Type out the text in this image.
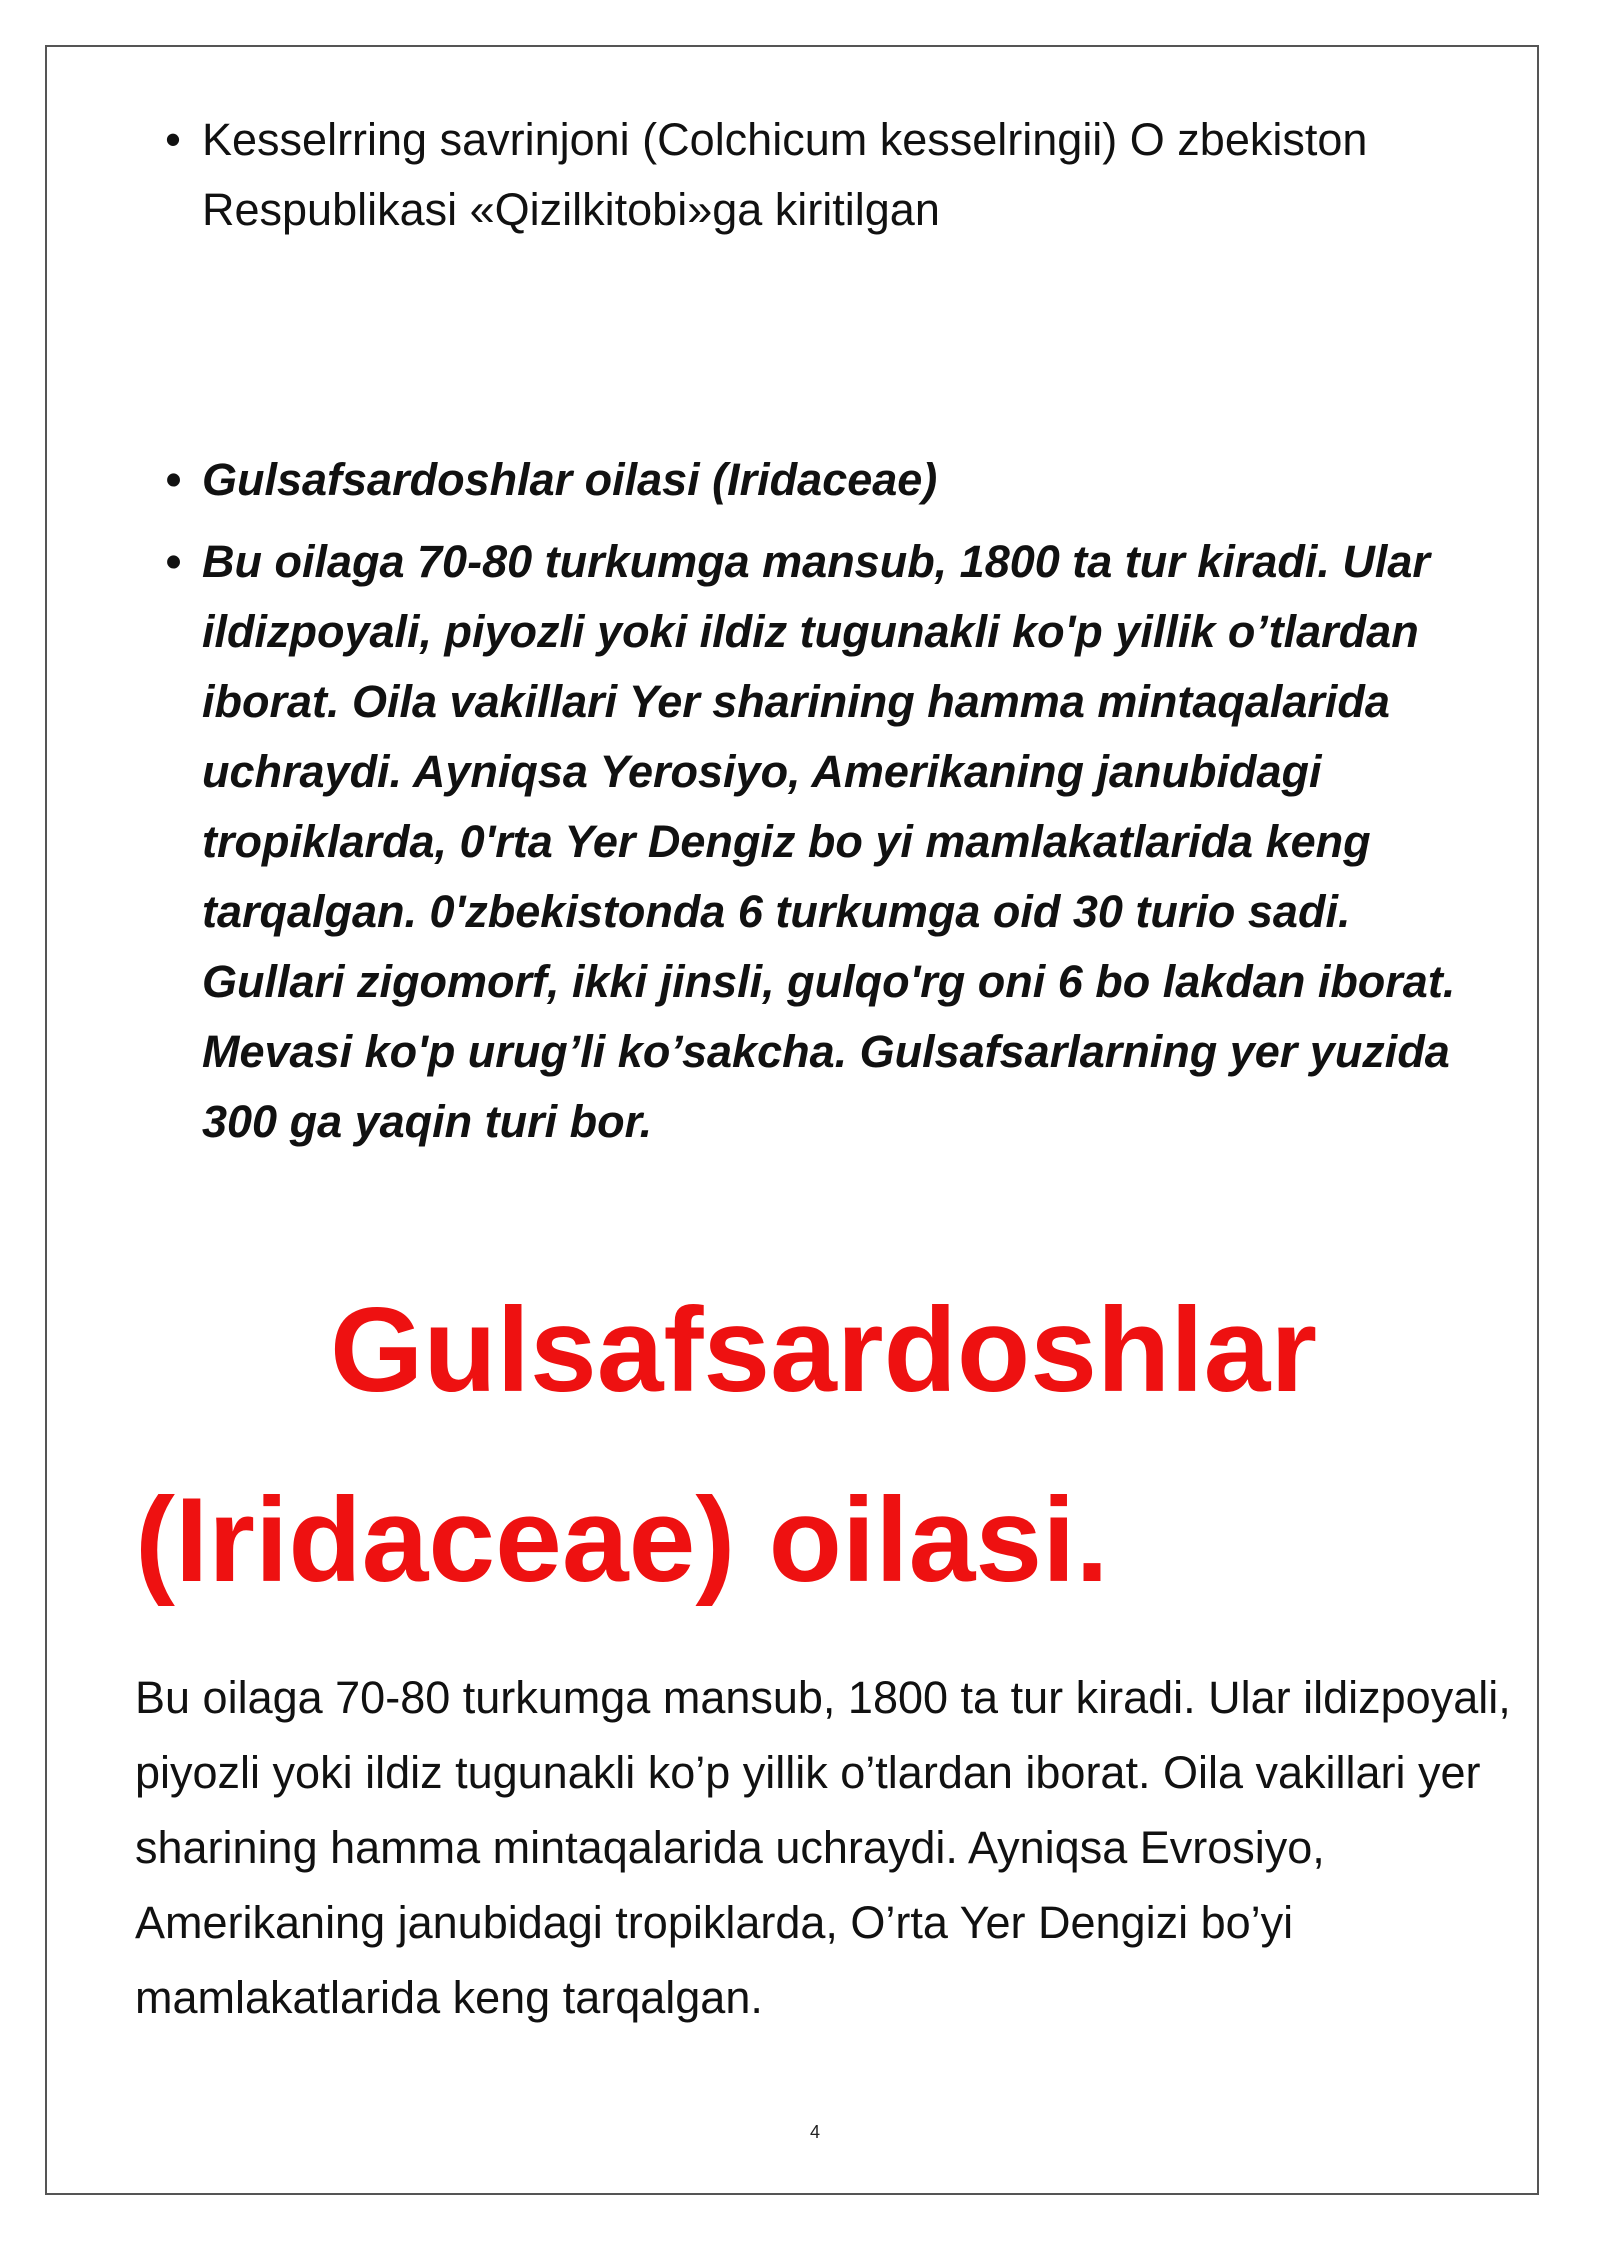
• Kesselrring savrinjoni (Colchicum kesselringii) O zbekiston Respublikasi «Qizilkitobi»ga kiritilgan
• Gulsafsardoshlar oilasi (Iridaceae)
• Bu oilaga 70-80 turkumga mansub, 1800 ta tur kiradi. Ular ildizpoyali, piyozli yoki ildiz tugunakli ko'p yillik o’tlardan iborat. Oila vakillari Yer sharining hamma mintaqalarida uchraydi. Ayniqsa Yerosiyo, Amerikaning janubidagi tropiklarda, 0'rta Yer Dengiz bo yi mamlakatlarida keng tarqalgan. 0'zbekistonda 6 turkumga oid 30 turio sadi. Gullari zigomorf, ikki jinsli, gulqo'rg oni 6 bo lakdan iborat. Mevasi ko'p urug’li ko’sakcha. Gulsafsarlarning yer yuzida 300 ga yaqin turi bor.
Gulsafsardoshlar
(Iridaceae) oilasi.

Bu oilaga 70-80 turkumga mansub, 1800 ta tur kiradi. Ular ildizpoyali, piyozli yoki ildiz tugunakli ko’p yillik o’tlardan iborat. Oila vakillari yer sharining hamma mintaqalarida uchraydi. Ayniqsa Evrosiyo, Amerikaning janubidagi tropiklarda, O’rta Yer Dengizi bo’yi mamlakatlarida keng tarqalgan.

4
